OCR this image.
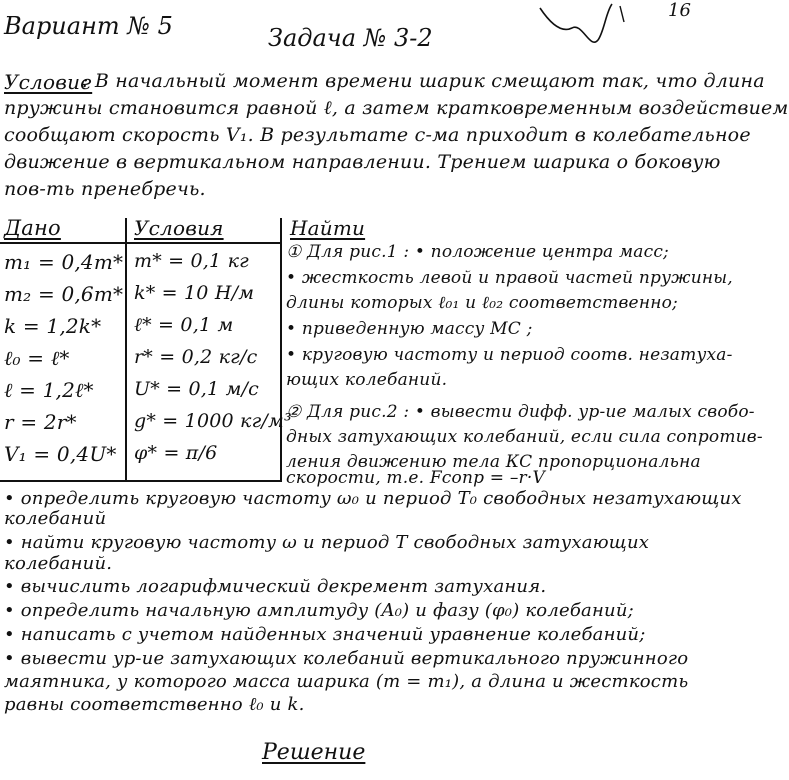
Вариант № 5	Задача № 3-2
16
Условие
: В начальный момент времени шарик смещают так, что длина
пружины становится равной ℓ, а затем кратковременным воздействием
сообщают скорость V₁. В результате с-ма приходит в колебательное
движение в вертикальном направлении. Трением шарика о боковую
пов-ть пренебречь.
Дано
m₁ = 0,4m*
m₂ = 0,6m*
k = 1,2k*
ℓ₀ = ℓ*
ℓ = 1,2ℓ*
r = 2r*
V₁ = 0,4U*
Условия
m* = 0,1 кг
k* = 10 Н/м
ℓ* = 0,1 м
r* = 0,2 кг/с
U* = 0,1 м/с
g* = 1000 кг/м³
φ* = π/6
Найти
① Для рис.1 : • положение центра масс;
• жесткость левой и правой частей пружины,
длины которых ℓ₀₁ и ℓ₀₂ соответственно;
• приведенную массу МС ;
• круговую частоту и период соотв. незатуха-
ющих колебаний.
② Для рис.2 : • вывести дифф. ур-ие малых свобо-
дных затухающих колебаний, если сила сопротив-
ления движению тела КС пропорциональна
скорости, т.е. Fсопр = –r·V
• определить круговую частоту ω₀ и период T₀ свободных незатухающих
колебаний
• найти круговую частоту ω и период T свободных затухающих
колебаний.
• вычислить логарифмический декремент затухания.
• определить начальную амплитуду (A₀) и фазу (φ₀) колебаний;
• написать с учетом найденных значений уравнение колебаний;
• вывести ур-ие затухающих колебаний вертикального пружинного
маятника, у которого масса шарика (m = m₁), а длина и жесткость
равны соответственно ℓ₀ и k.
Решение
